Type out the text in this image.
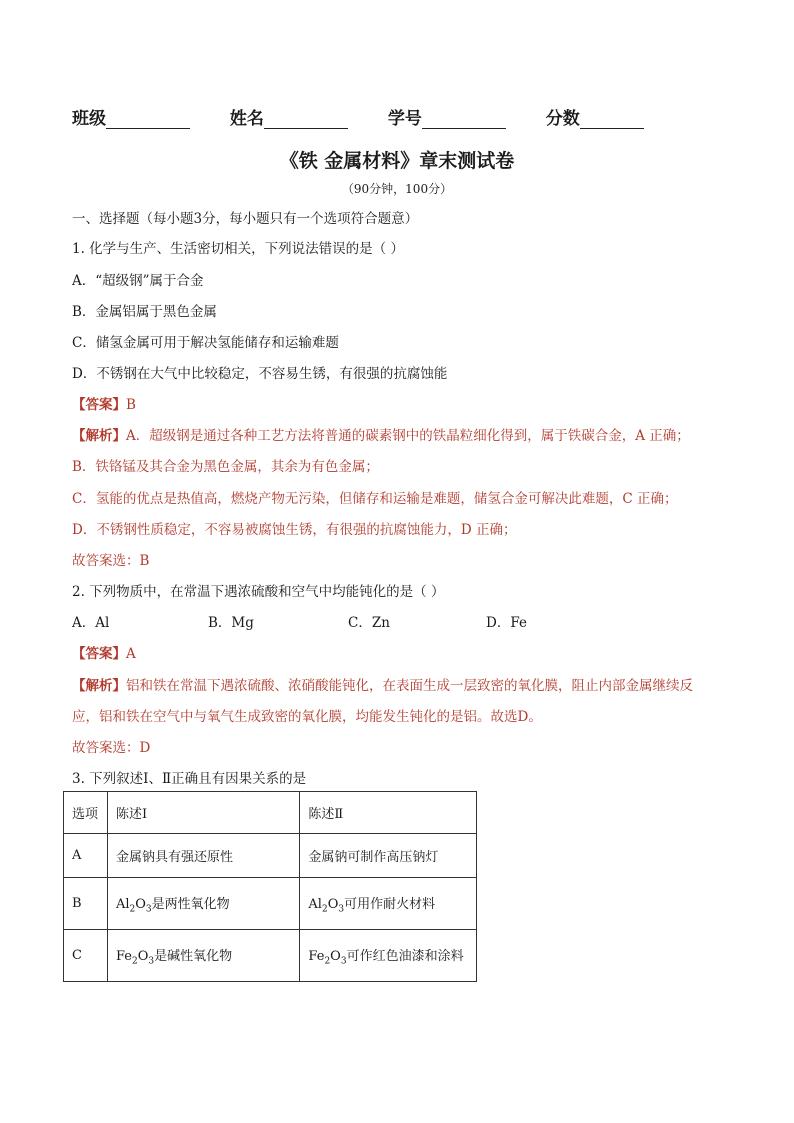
班级	姓名	学号	分数
《铁 金属材料》章末测试卷
（90分钟，100分）
一、选择题（每小题3分，每小题只有一个选项符合题意）
1. 化学与生产、生活密切相关，下列说法错误的是（ ）
A．“超级钢”属于合金
B．金属铝属于黑色金属
C．储氢金属可用于解决氢能储存和运输难题
D．不锈钢在大气中比较稳定，不容易生锈，有很强的抗腐蚀能
【答案】B
【解析】A．超级钢是通过各种工艺方法将普通的碳素钢中的铁晶粒细化得到，属于铁碳合金，A 正确；
B．铁铬锰及其合金为黑色金属，其余为有色金属；
C．氢能的优点是热值高，燃烧产物无污染，但储存和运输是难题，储氢合金可解决此难题，C 正确；
D．不锈钢性质稳定，不容易被腐蚀生锈，有很强的抗腐蚀能力，D 正确；
故答案选：B
2. 下列物质中，在常温下遇浓硫酸和空气中均能钝化的是（ ）
A．Al	B．Mg	C．Zn	D．Fe
【答案】A
【解析】铝和铁在常温下遇浓硫酸、浓硝酸能钝化，在表面生成一层致密的氧化膜，阻止内部金属继续反
应，铝和铁在空气中与氧气生成致密的氧化膜，均能发生钝化的是铝。故选D。
故答案选：D
3. 下列叙述Ⅰ、Ⅱ正确且有因果关系的是
选项	陈述Ⅰ	陈述Ⅱ
A	金属钠具有强还原性	金属钠可制作高压钠灯
B	$Al_2O_3$是两性氧化物	$Al_2O_3$可用作耐火材料
C	$Fe_2O_3$是碱性氧化物	$Fe_2O_3$可作红色油漆和涂料
